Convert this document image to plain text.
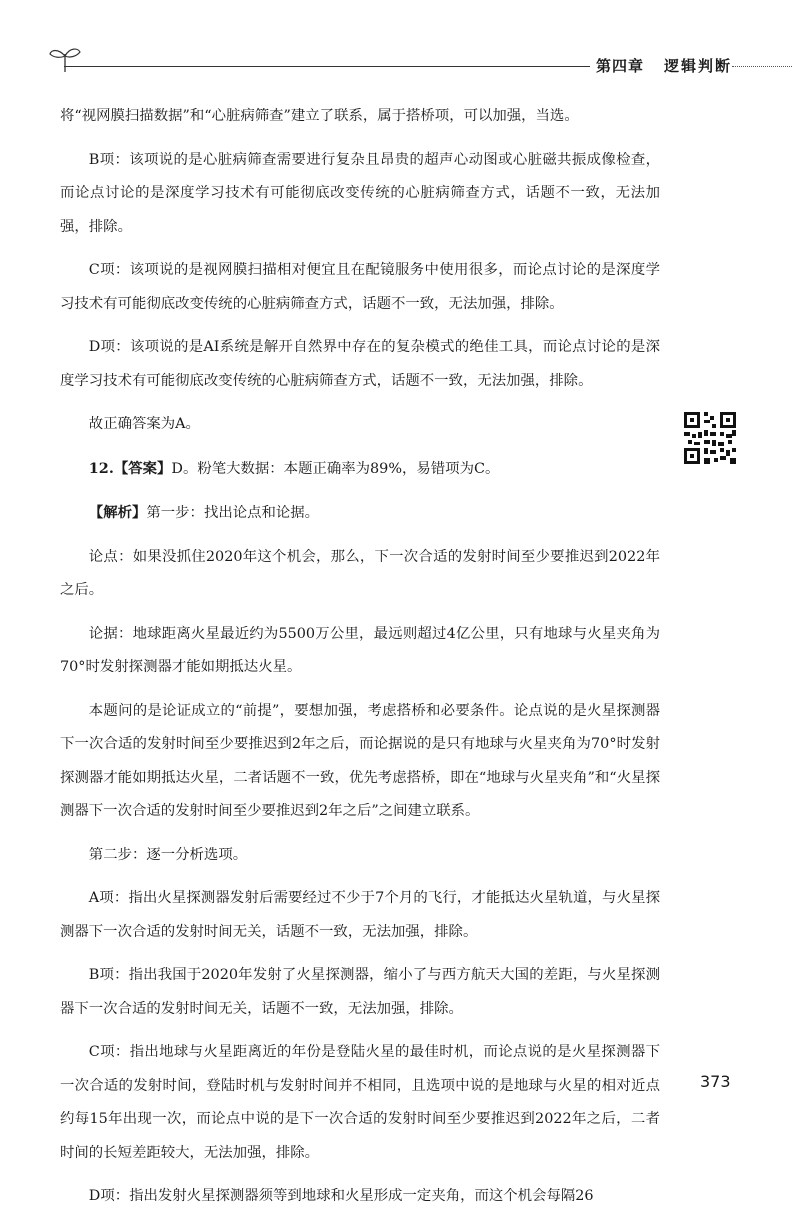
第四章 逻辑判断

将“视网膜扫描数据”和“心脏病筛查”建立了联系，属于搭桥项，可以加强，当选。

B项：该项说的是心脏病筛查需要进行复杂且昂贵的超声心动图或心脏磁共振成像检查，而论点讨论的是深度学习技术有可能彻底改变传统的心脏病筛查方式，话题不一致，无法加强，排除。

C项：该项说的是视网膜扫描相对便宜且在配镜服务中使用很多，而论点讨论的是深度学习技术有可能彻底改变传统的心脏病筛查方式，话题不一致，无法加强，排除。

D项：该项说的是AI系统是解开自然界中存在的复杂模式的绝佳工具，而论点讨论的是深度学习技术有可能彻底改变传统的心脏病筛查方式，话题不一致，无法加强，排除。

故正确答案为A。

12.【答案】D。粉笔大数据：本题正确率为89%，易错项为C。

【解析】第一步：找出论点和论据。

论点：如果没抓住2020年这个机会，那么，下一次合适的发射时间至少要推迟到2022年之后。

论据：地球距离火星最近约为5500万公里，最远则超过4亿公里，只有地球与火星夹角为70°时发射探测器才能如期抵达火星。

本题问的是论证成立的“前提”，要想加强，考虑搭桥和必要条件。论点说的是火星探测器下一次合适的发射时间至少要推迟到2年之后，而论据说的是只有地球与火星夹角为70°时发射探测器才能如期抵达火星，二者话题不一致，优先考虑搭桥，即在“地球与火星夹角”和“火星探测器下一次合适的发射时间至少要推迟到2年之后”之间建立联系。

第二步：逐一分析选项。

A项：指出火星探测器发射后需要经过不少于7个月的飞行，才能抵达火星轨道，与火星探测器下一次合适的发射时间无关，话题不一致，无法加强，排除。

B项：指出我国于2020年发射了火星探测器，缩小了与西方航天大国的差距，与火星探测器下一次合适的发射时间无关，话题不一致，无法加强，排除。

C项：指出地球与火星距离近的年份是登陆火星的最佳时机，而论点说的是火星探测器下一次合适的发射时间，登陆时机与发射时间并不相同，且选项中说的是地球与火星的相对近点约每15年出现一次，而论点中说的是下一次合适的发射时间至少要推迟到2022年之后，二者时间的长短差距较大，无法加强，排除。

D项：指出发射火星探测器须等到地球和火星形成一定夹角，而这个机会每隔26

373
